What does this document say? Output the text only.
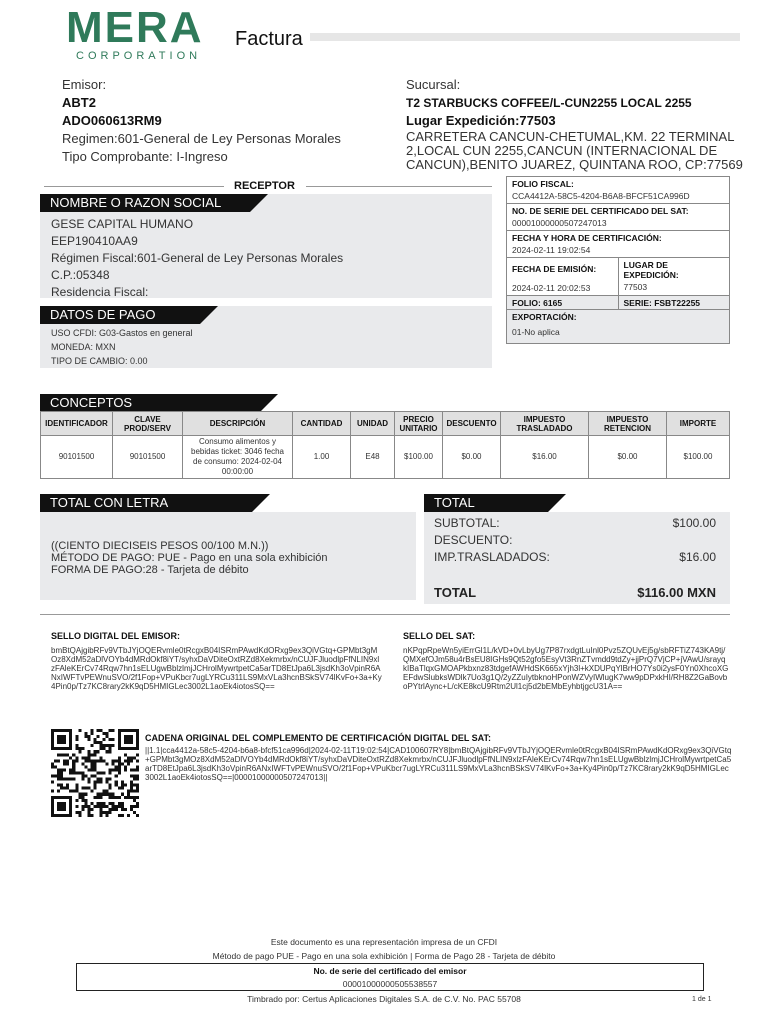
MERA
CORPORATION
Factura
Emisor:
ABT2
ADO060613RM9
Regimen:601-General de Ley Personas Morales
Tipo Comprobante: I-Ingreso
Sucursal:
T2 STARBUCKS COFFEE/L-CUN2255 LOCAL 2255
Lugar Expedición:77503
CARRETERA CANCUN-CHETUMAL,KM. 22 TERMINAL 2,LOCAL CUN 2255,CANCUN (INTERNACIONAL DE CANCUN),BENITO JUAREZ, QUINTANA ROO, CP:77569
RECEPTOR
NOMBRE O RAZON SOCIAL
GESE CAPITAL HUMANO
EEP190410AA9
Régimen Fiscal:601-General de Ley Personas Morales
C.P.:05348
Residencia Fiscal:
DATOS DE PAGO
USO CFDI: G03-Gastos en general
MONEDA: MXN
TIPO DE CAMBIO: 0.00
FOLIO FISCAL:
CCA4412A-58C5-4204-B6A8-BFCF51CA996D
NO. DE SERIE DEL CERTIFICADO DEL SAT:
00001000000507247013
FECHA Y HORA DE CERTIFICACIÓN:
2024-02-11 19:02:54
FECHA DE EMISIÓN:
2024-02-11 20:02:53
LUGAR DE EXPEDICIÓN:
77503
FOLIO: 6165	SERIE: FSBT22255
EXPORTACIÓN:
01-No aplica
CONCEPTOS
IDENTIFICADOR	CLAVE PROD/SERV	DESCRIPCIÓN	CANTIDAD	UNIDAD	PRECIO UNITARIO	DESCUENTO	IMPUESTO TRASLADADO	IMPUESTO RETENCION	IMPORTE
90101500	90101500	Consumo alimentos y bebidas ticket: 3046 fecha de consumo: 2024-02-04 00:00:00	1.00	E48	$100.00	$0.00	$16.00	$0.00	$100.00
TOTAL CON LETRA
((CIENTO DIECISEIS PESOS 00/100 M.N.))
MÉTODO DE PAGO: PUE - Pago en una sola exhibición
FORMA DE PAGO:28 - Tarjeta de débito
TOTAL
SUBTOTAL:	$100.00
DESCUENTO:
IMP.TRASLADADOS:	$16.00
TOTAL	$116.00 MXN
SELLO DIGITAL DEL EMISOR:
bmBtQAjgibRFv9VTbJYjOQERvmle0tRcgxB04ISRmPAwdKdORxg9ex3QiVGtq+GPMbt3gMOz8XdM52aDlVOYb4dMRdOkf8iYT/syhxDaVDiteOxtRZd8Xekmrbx/nCUJFJluodlpFfNLIN9xlzFAleKErCv74Rqw7hn1sELUgwBblzlmjJCHrolMywrtpetCa5arTD8EtJpa6L3jsdKh3oVpinR6ANxIWFTvPEWnuSVO/2f1Fop+VPuKbcr7ugLYRCu311LS9MxVLa3hcnBSkSV74lKvFo+3a+Ky4Pin0p/Tz7KC8rary2kK9qD5HMIGLec3002L1aoEk4iotosSQ==
SELLO DEL SAT:
nKPqpRpeWn5yiErrGl1L/kVD+0vLbyUg7P87rxdgtLuInl0Pvz5ZQUvEj5g/sbRFTiZ743KA9tj/QMXefOJm58u4rBsEU8IGHs9Qt52gfo5EsyVt3RnZTvmdd9tdZy+jjPrQ7VjCP+jVAwU/srayqkIBaTlqxGMOAPkbxnz83tdgefAWHdSK665xYjh3l+kXDUPqYlBrHO7Ys0i2ysF0Yn0XhcoXGEFdwSlubksWDlk7Uo3g1Q/2yZZuIytbknoHPonWZVyIWlugK7ww9pDPxkHI/RH8Z2GaBovboPYtrlAync+L/cKE8kcU9Rtm2Ul1cj5d2bEMbEyhbtjgcU31A==
CADENA ORIGINAL DEL COMPLEMENTO DE CERTIFICACIÓN DIGITAL DEL SAT:
||1.1|cca4412a-58c5-4204-b6a8-bfcf51ca996d|2024-02-11T19:02:54|CAD100607RY8|bmBtQAjgibRFv9VTbJYjOQERvmle0tRcgxB04ISRmPAwdKdORxg9ex3QiVGtq+GPMbt3gMOz8XdM52aDlVOYb4dMRdOkf8iYT/syhxDaVDiteOxtRZd8Xekmrbx/nCUJFJluodlpFfNLIN9xlzFAleKErCv74Rqw7hn1sELUgwBblzlmjJCHrolMywrtpetCa5arTD8EtJpa6L3jsdKh3oVpinR6ANxIWFTvPEWnuSVO/2f1Fop+VPuKbcr7ugLYRCu311LS9MxVLa3hcnBSkSV74lKvFo+3a+Ky4Pin0p/Tz7KC8rary2kK9qD5HMIGLec3002L1aoEk4iotosSQ==|00001000000507247013||
Este documento es una representación impresa de un CFDI
Método de pago PUE - Pago en una sola exhibición | Forma de Pago 28 - Tarjeta de débito
No. de serie del certificado del emisor
00001000000505538557
Timbrado por: Certus Aplicaciones Digitales S.A. de C.V. No. PAC 55708	1 de 1
